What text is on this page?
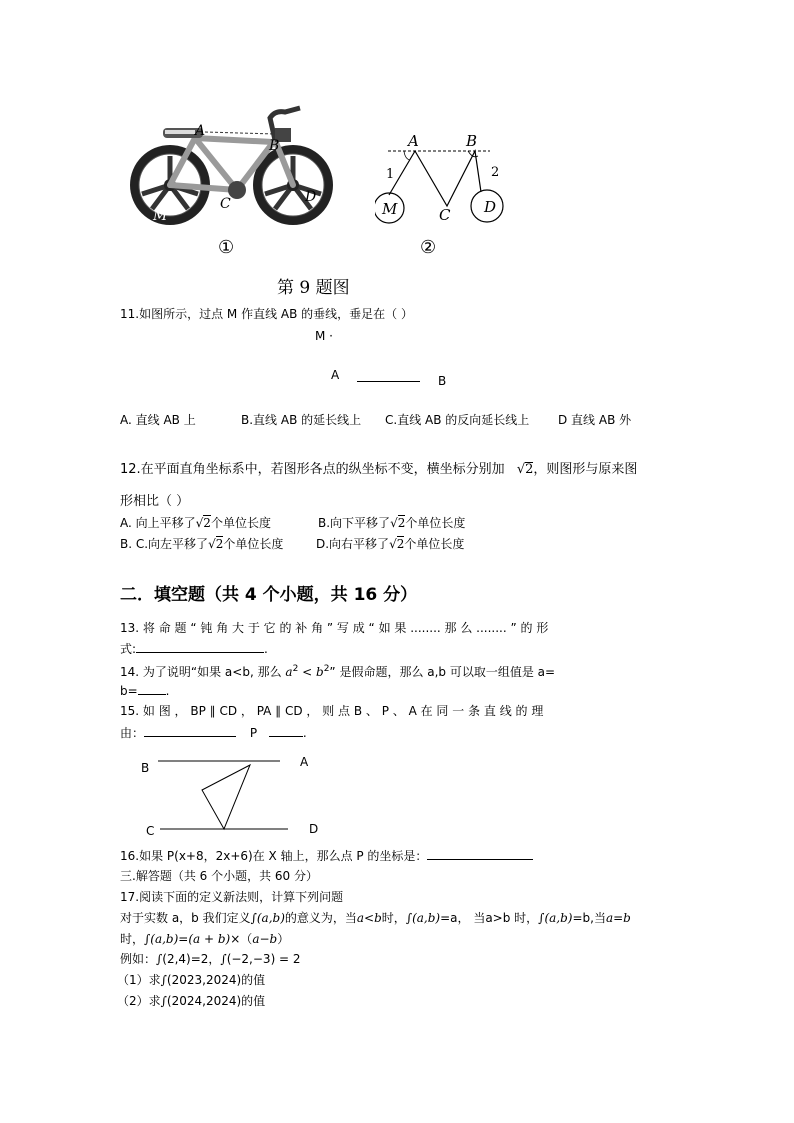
A
B
C	D
M
A	B
C D
M
1	2
①	②
第 9 题图
11.如图所示，过点 M 作直线 AB 的垂线，垂足在（ ）
M ·
A	B
A. 直线 AB 上	B.直线 AB 的延长线上 C.直线 AB 的反向延长线上 D 直线 AB 外
12.在平面直角坐标系中，若图形各点的纵坐标不变，横坐标分别加 √2，则图形与原来图
形相比（ ）
A. 向上平移了√2个单位长度	B.向下平移了√2个单位长度
B. C.向左平移了√2个单位长度	D.向右平移了√2个单位长度
二．填空题（共 4 个小题，共 16 分）
13. 将 命 题 “ 钝 角 大 于 它 的 补 角 ” 写 成 “ 如 果 ........ 那 么 ........ ” 的 形
式:	.
14. 为了说明“如果 a<b, 那么 $a^2 < b^2$” 是假命题，那么 a,b 可以取一组值是 a=
b= .
15. 如 图 ， BP ∥ CD ， PA ∥ CD ， 则 点 B 、 P 、 A 在 同 一 条 直 线 的 理
由：	P	.
B	A
C	D
16.如果 P(x+8，2x+6)在 X 轴上，那么点 P 的坐标是：
三.解答题（共 6 个小题，共 60 分）
17.阅读下面的定义新法则，计算下列问题
对于实数 a，b 我们定义∫(a,b)的意义为，当a<b时，∫(a,b)=a， 当a>b 时，∫(a,b)=b,当a=b
时，∫(a,b)=(a + b)×（a−b）
例如：∫(2,4)=2，∫(−2,−3) = 2
（1）求∫(2023,2024)的值
（2）求∫(2024,2024)的值
